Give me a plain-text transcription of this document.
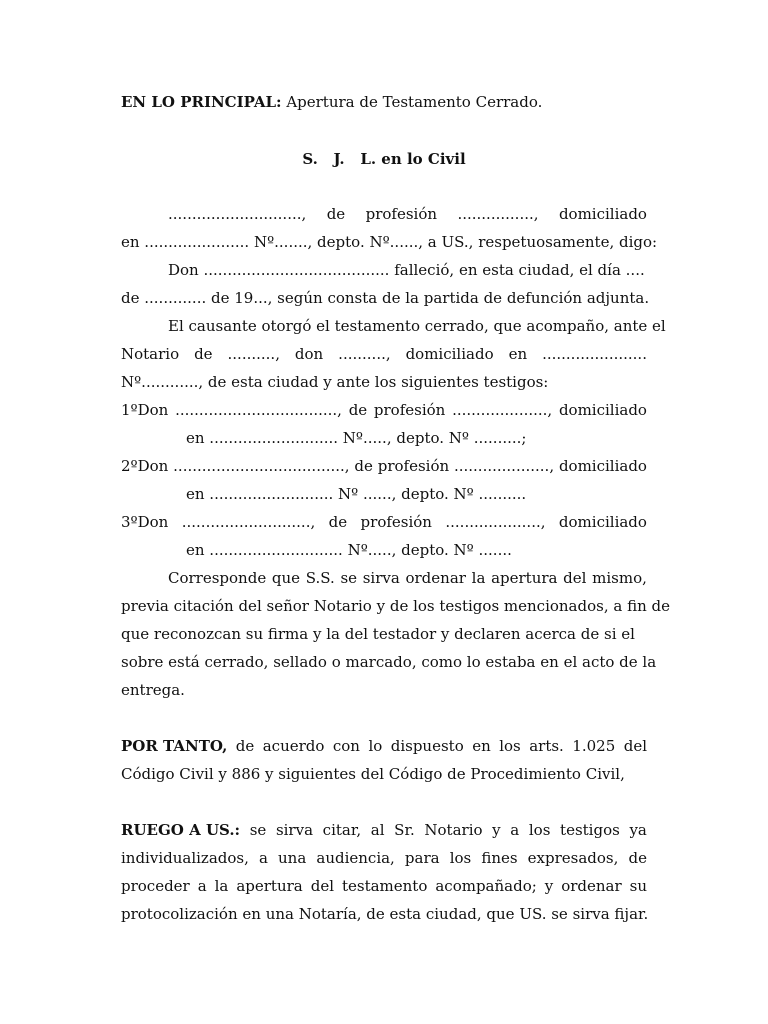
EN LO PRINCIPAL: Apertura de Testamento Cerrado.
S.   J.   L. en lo Civil
............................, de profesión ................, domiciliado
en ...................... Nº......., depto. Nº......, a US., respetuosamente, digo:
Don ....................................... falleció, en esta ciudad, el día ....
de ............. de 19..., según consta de la partida de defunción adjunta.
El causante otorgó el testamento cerrado, que acompaño, ante el
Notario de .........., don .........., domiciliado en ......................
Nº............, de esta ciudad y ante los siguientes testigos:
1ºDon .................................., de profesión ...................., domiciliado
en ........................... Nº....., depto. Nº ..........;
2ºDon ...................................., de profesión ...................., domiciliado
en .......................... Nº ......, depto. Nº ..........
3ºDon ..........................., de profesión ...................., domiciliado
en ............................ Nº....., depto. Nº .......
Corresponde que S.S. se sirva ordenar la apertura del mismo,
previa citación del señor Notario y de los testigos mencionados, a fin de
que reconozcan su firma y la del testador y declaren acerca de si el
sobre está cerrado, sellado o marcado, como lo estaba en el acto de la
entrega.
POR TANTO, de acuerdo con lo dispuesto en los arts. 1.025 del
Código Civil y 886 y siguientes del Código de Procedimiento Civil,
RUEGO A US.: se sirva citar, al Sr. Notario y a los testigos ya
individualizados, a una audiencia, para los fines expresados, de
proceder a la apertura del testamento acompañado; y ordenar su
protocolización en una Notaría, de esta ciudad, que US. se sirva fijar.
